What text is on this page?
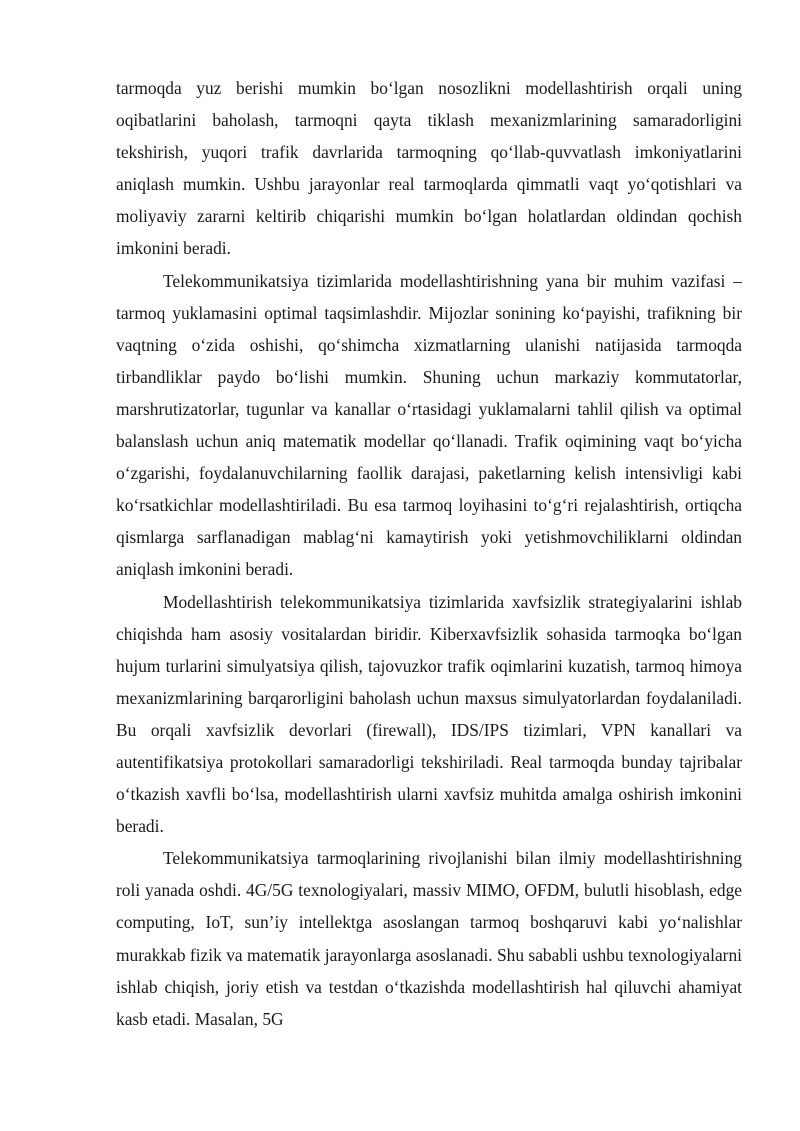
tarmoqda yuz berishi mumkin bo‘lgan nosozlikni modellashtirish orqali uning oqibatlarini baholash, tarmoqni qayta tiklash mexanizmlarining samaradorligini tekshirish, yuqori trafik davrlarida tarmoqning qo‘llab-quvvatlash imkoniyatlarini aniqlash mumkin. Ushbu jarayonlar real tarmoqlarda qimmatli vaqt yo‘qotishlari va moliyaviy zararni keltirib chiqarishi mumkin bo‘lgan holatlardan oldindan qochish imkonini beradi.

Telekommunikatsiya tizimlarida modellashtirishning yana bir muhim vazifasi – tarmoq yuklamasini optimal taqsimlashdir. Mijozlar sonining ko‘payishi, trafikning bir vaqtning o‘zida oshishi, qo‘shimcha xizmatlarning ulanishi natijasida tarmoqda tirbandliklar paydo bo‘lishi mumkin. Shuning uchun markaziy kommutatorlar, marshrutizatorlar, tugunlar va kanallar o‘rtasidagi yuklamalarni tahlil qilish va optimal balanslash uchun aniq matematik modellar qo‘llanadi. Trafik oqimining vaqt bo‘yicha o‘zgarishi, foydalanuvchilarning faollik darajasi, paketlarning kelish intensivligi kabi ko‘rsatkichlar modellashtiriladi. Bu esa tarmoq loyihasini to‘g‘ri rejalashtirish, ortiqcha qismlarga sarflanadigan mablag‘ni kamaytirish yoki yetishmovchiliklarni oldindan aniqlash imkonini beradi.

Modellashtirish telekommunikatsiya tizimlarida xavfsizlik strategiyalarini ishlab chiqishda ham asosiy vositalardan biridir. Kiberxavfsizlik sohasida tarmoqka bo‘lgan hujum turlarini simulyatsiya qilish, tajovuzkor trafik oqimlarini kuzatish, tarmoq himoya mexanizmlarining barqarorligini baholash uchun maxsus simulyatorlardan foydalaniladi. Bu orqali xavfsizlik devorlari (firewall), IDS/IPS tizimlari, VPN kanallari va autentifikatsiya protokollari samaradorligi tekshiriladi. Real tarmoqda bunday tajribalar o‘tkazish xavfli bo‘lsa, modellashtirish ularni xavfsiz muhitda amalga oshirish imkonini beradi.

Telekommunikatsiya tarmoqlarining rivojlanishi bilan ilmiy modellashtirishning roli yanada oshdi. 4G/5G texnologiyalari, massiv MIMO, OFDM, bulutli hisoblash, edge computing, IoT, sun’iy intellektga asoslangan tarmoq boshqaruvi kabi yo‘nalishlar murakkab fizik va matematik jarayonlarga asoslanadi. Shu sababli ushbu texnologiyalarni ishlab chiqish, joriy etish va testdan o‘tkazishda modellashtirish hal qiluvchi ahamiyat kasb etadi. Masalan, 5G
